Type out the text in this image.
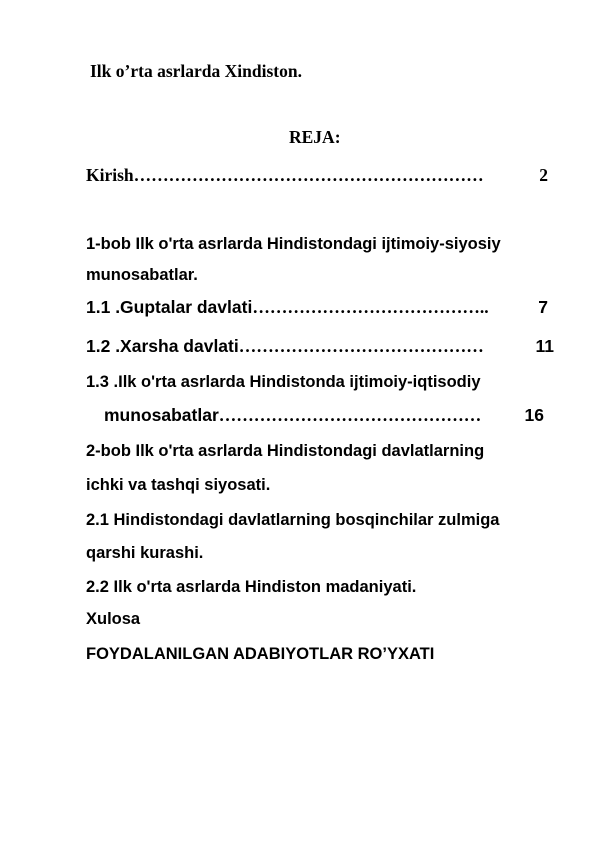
Ilk o’rta asrlarda Xindiston.
REJA:
Kirish ……………………………………………………	2
1-bob Ilk o'rta asrlarda Hindistondagi ijtimoiy-siyosiy
munosabatlar.
1.1 .Guptalar davlati …………………………………..	7
1.2 .Xarsha davlati ……………………………………	11
1.3 .Ilk o'rta asrlarda Hindistonda ijtimoiy-iqtisodiy
munosabatlar ………………………………………	16
2-bob Ilk o'rta asrlarda Hindistondagi davlatlarning
ichki va tashqi siyosati.
2.1 Hindistondagi davlatlarning bosqinchilar zulmiga
qarshi kurashi.
2.2 Ilk o'rta asrlarda Hindiston madaniyati.
Xulosa
FOYDALANILGAN ADABIYOTLAR RO’YXATI
